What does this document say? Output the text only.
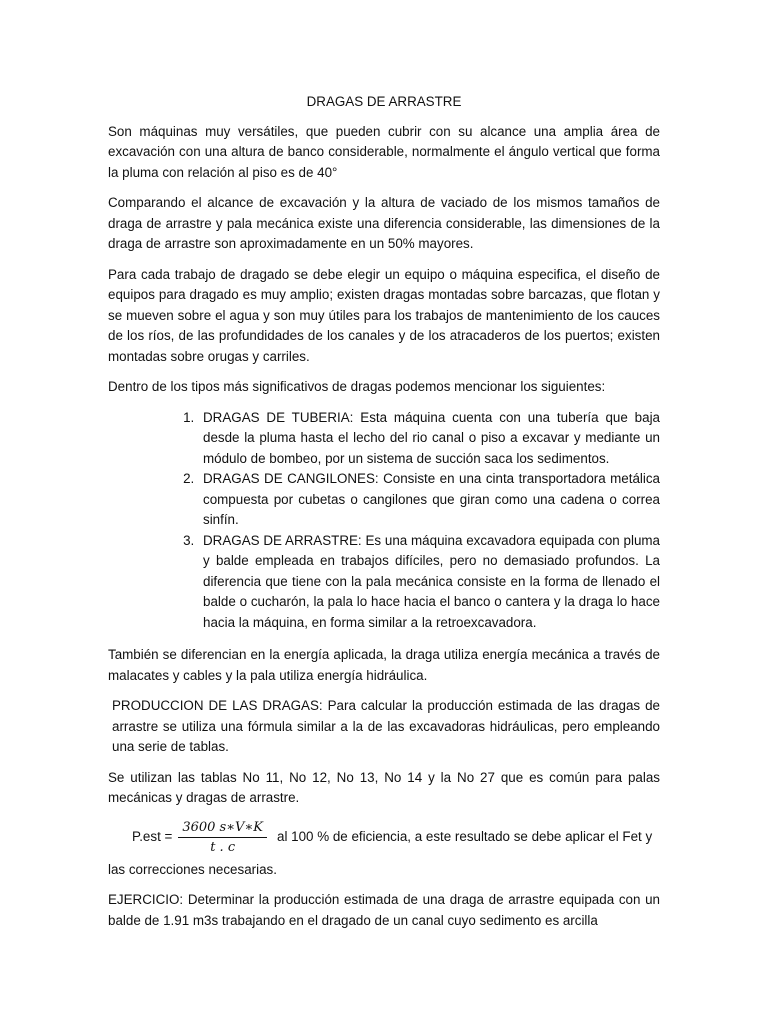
DRAGAS DE ARRASTRE

Son máquinas muy versátiles, que pueden cubrir con su alcance una amplia área de excavación con una altura de banco considerable, normalmente el ángulo vertical que forma la pluma con relación al piso es de 40°

Comparando el alcance de excavación y la altura de vaciado de los mismos tamaños de draga de arrastre y pala mecánica existe una diferencia considerable, las dimensiones de la draga de arrastre son aproximadamente en un 50% mayores.

Para cada trabajo de dragado se debe elegir un equipo o máquina especifica, el diseño de equipos para dragado es muy amplio; existen dragas montadas sobre barcazas, que flotan y se mueven sobre el agua y son muy útiles para los trabajos de mantenimiento de los cauces de los ríos, de las profundidades de los canales y de los atracaderos de los puertos; existen montadas sobre orugas y carriles.

Dentro de los tipos más significativos de dragas podemos mencionar los siguientes:

1. DRAGAS DE TUBERIA: Esta máquina cuenta con una tubería que baja desde la pluma hasta el lecho del rio canal o piso a excavar y mediante un módulo de bombeo, por un sistema de succión saca los sedimentos.
2. DRAGAS DE CANGILONES: Consiste en una cinta transportadora metálica compuesta por cubetas o cangilones que giran como una cadena o correa sinfín.
3. DRAGAS DE ARRASTRE: Es una máquina excavadora equipada con pluma y balde empleada en trabajos difíciles, pero no demasiado profundos. La diferencia que tiene con la pala mecánica consiste en la forma de llenado el balde o cucharón, la pala lo hace hacia el banco o cantera y la draga lo hace hacia la máquina, en forma similar a la retroexcavadora.

También se diferencian en la energía aplicada, la draga utiliza energía mecánica a través de malacates y cables y la pala utiliza energía hidráulica.

PRODUCCION DE LAS DRAGAS: Para calcular la producción estimada de las dragas de arrastre se utiliza una fórmula similar a la de las excavadoras hidráulicas, pero empleando una serie de tablas.

Se utilizan las tablas No 11, No 12, No 13, No 14 y la No 27 que es común para palas mecánicas y dragas de arrastre.

$P.est = \frac{3600 s∗V∗K}{t . c}$ al 100 % de eficiencia, a este resultado se debe aplicar el Fet y

las correcciones necesarias.

EJERCICIO: Determinar la producción estimada de una draga de arrastre equipada con un balde de 1.91 m3s trabajando en el dragado de un canal cuyo sedimento es arcilla
